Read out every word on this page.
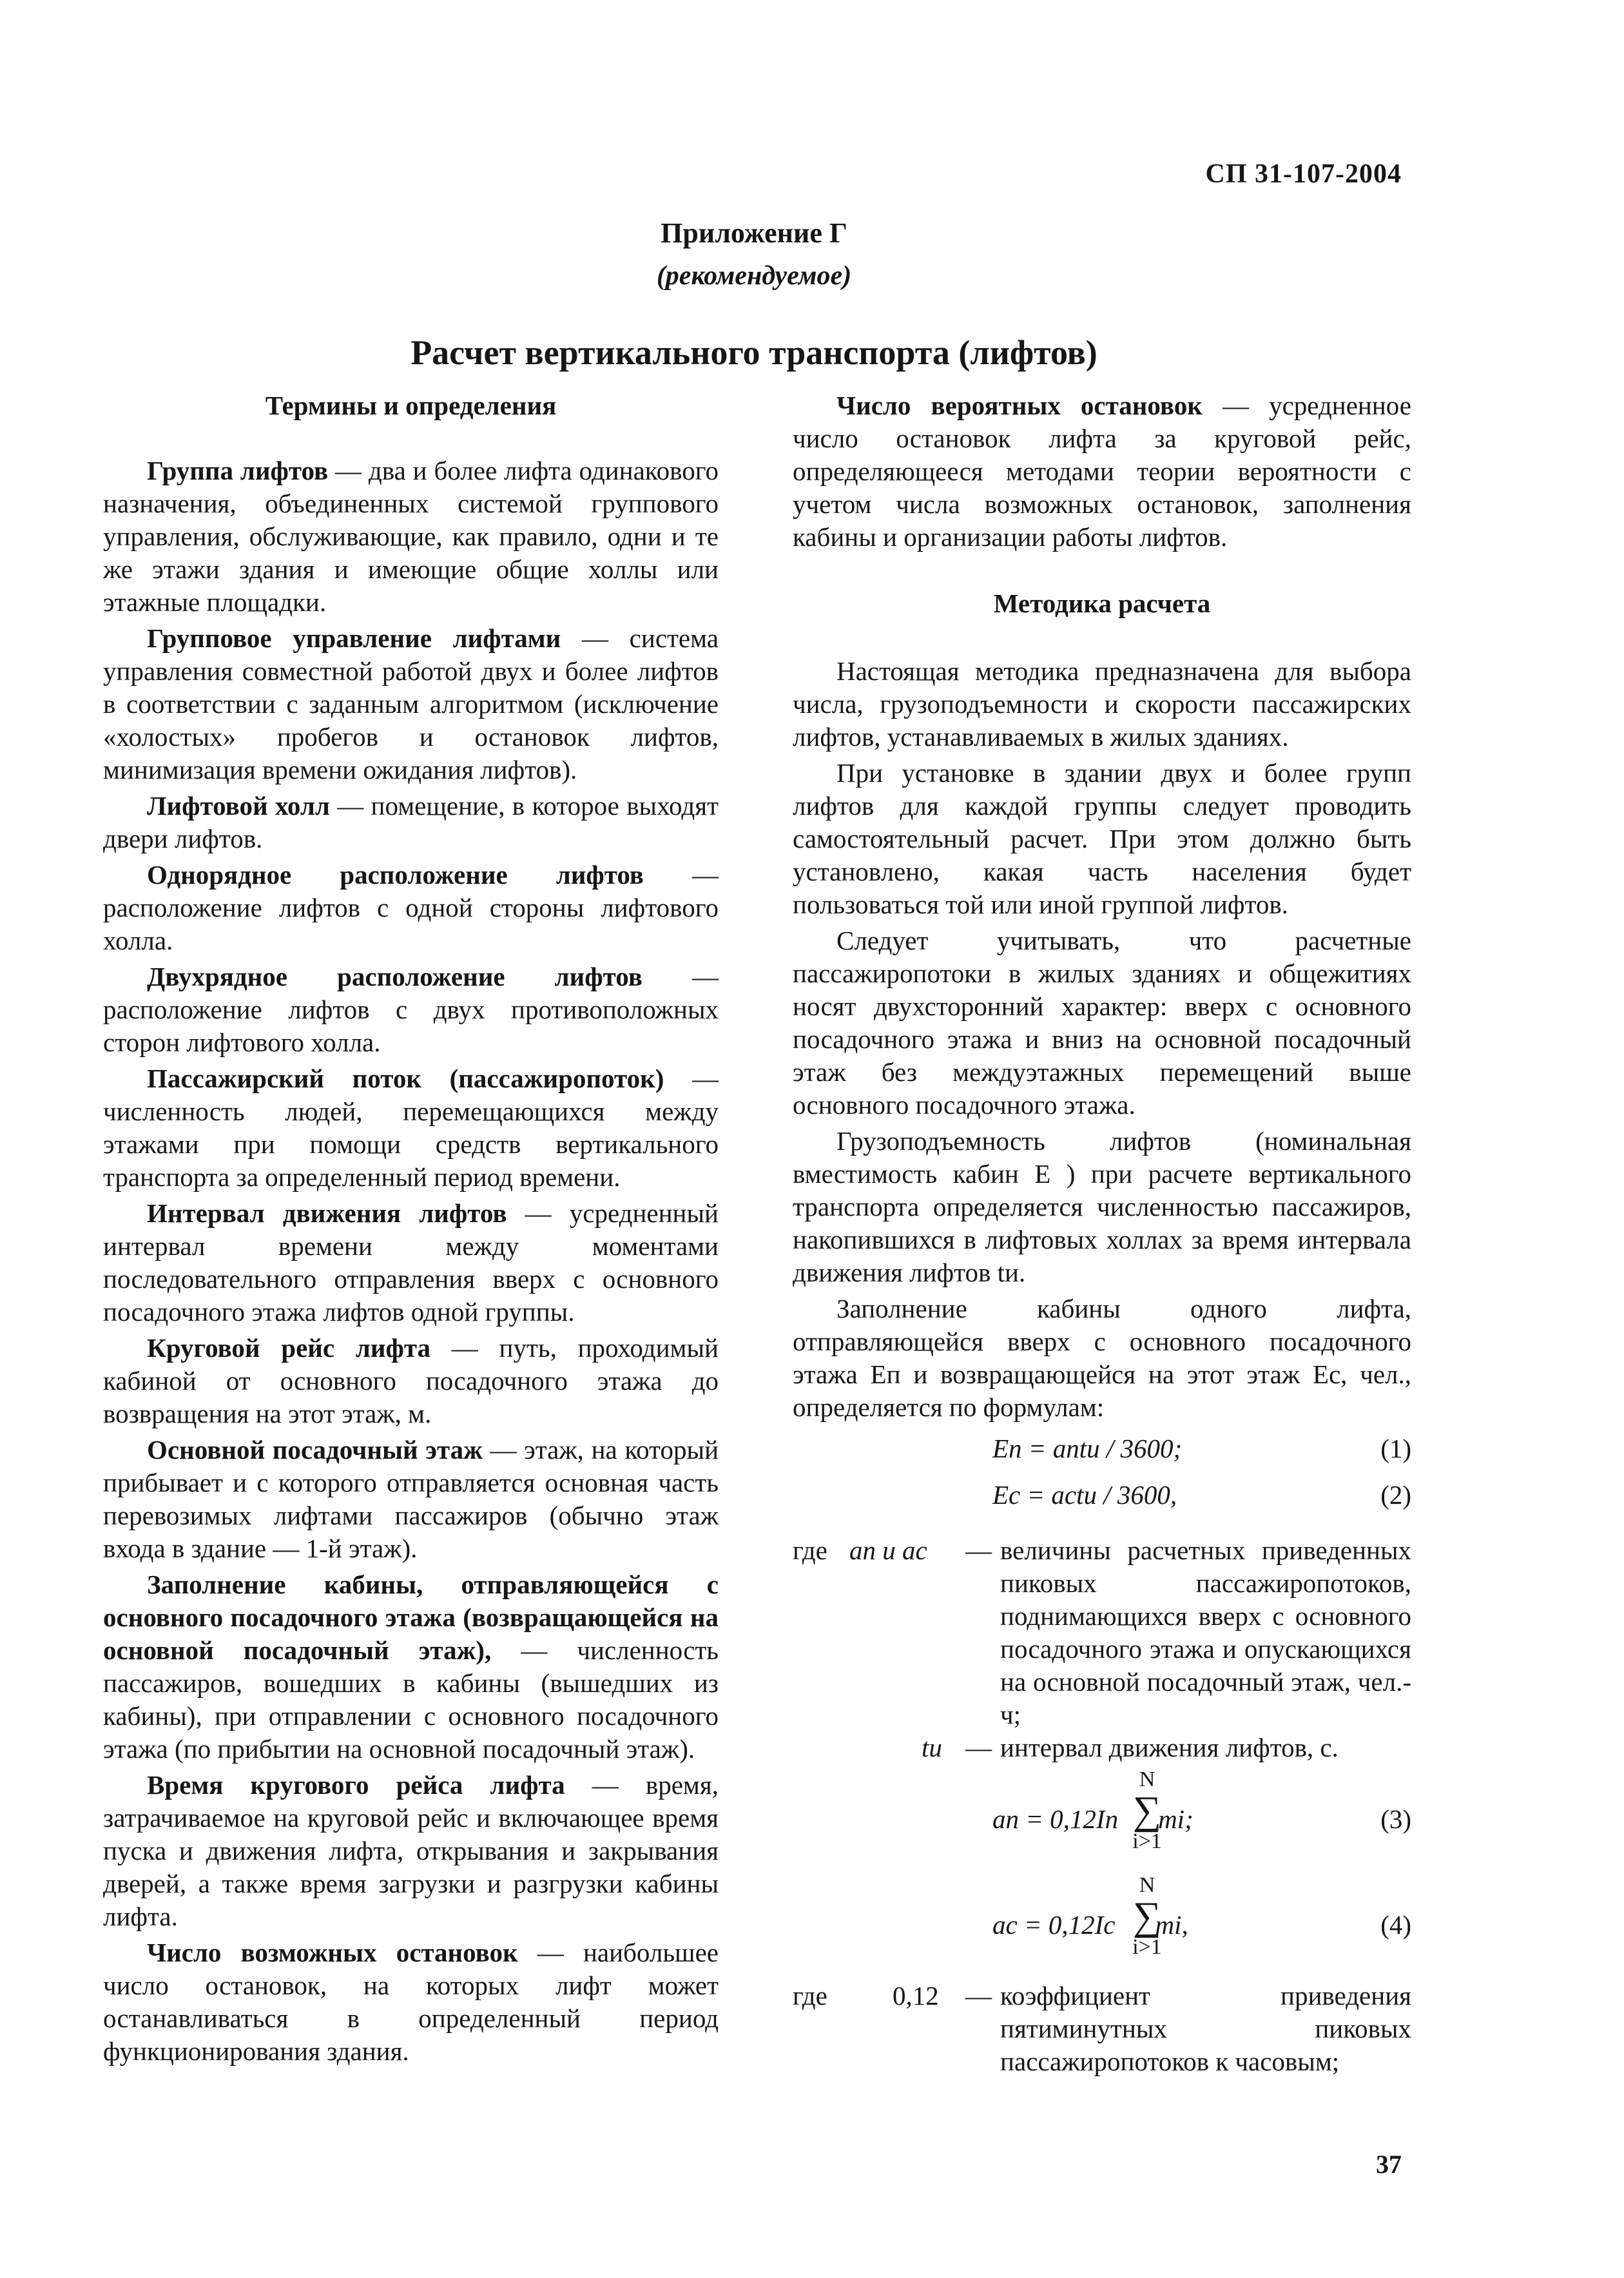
СП 31-107-2004
Приложение Г
(рекомендуемое)
Расчет вертикального транспорта (лифтов)
Термины и определения

Группа лифтов — два и более лифта одинакового назначения, объединенных системой группового управления, обслуживающие, как правило, одни и те же этажи здания и имеющие общие холлы или этажные площадки.

Групповое управление лифтами — система управления совместной работой двух и более лифтов в соответствии с заданным алгоритмом (исключение «холостых» пробегов и остановок лифтов, минимизация времени ожидания лифтов).

Лифтовой холл — помещение, в которое выходят двери лифтов.

Однорядное расположение лифтов — расположение лифтов с одной стороны лифтового холла.

Двухрядное расположение лифтов — расположение лифтов с двух противоположных сторон лифтового холла.

Пассажирский поток (пассажиропоток) — численность людей, перемещающихся между этажами при помощи средств вертикального транспорта за определенный период времени.

Интервал движения лифтов — усредненный интервал времени между моментами последовательного отправления вверх с основного посадочного этажа лифтов одной группы.

Круговой рейс лифта — путь, проходимый кабиной от основного посадочного этажа до возвращения на этот этаж, м.

Основной посадочный этаж — этаж, на который прибывает и с которого отправляется основная часть перевозимых лифтами пассажиров (обычно этаж входа в здание — 1-й этаж).

Заполнение кабины, отправляющейся с основного посадочного этажа (возвращающейся на основной посадочный этаж), — численность пассажиров, вошедших в кабины (вышедших из кабины), при отправлении с основного посадочного этажа (по прибытии на основной посадочный этаж).

Время кругового рейса лифта — время, затрачиваемое на круговой рейс и включающее время пуска и движения лифта, открывания и закрывания дверей, а также время загрузки и разгрузки кабины лифта.

Число возможных остановок — наибольшее число остановок, на которых лифт может останавливаться в определенный период функционирования здания.

Число вероятных остановок — усредненное число остановок лифта за круговой рейс, определяющееся методами теории вероятности с учетом числа возможных остановок, заполнения кабины и организации работы лифтов.

Методика расчета

Настоящая методика предназначена для выбора числа, грузоподъемности и скорости пассажирских лифтов, устанавливаемых в жилых зданиях.

При установке в здании двух и более групп лифтов для каждой группы следует проводить самостоятельный расчет. При этом должно быть установлено, какая часть населения будет пользоваться той или иной группой лифтов.

Следует учитывать, что расчетные пассажиропотоки в жилых зданиях и общежитиях носят двухсторонний характер: вверх с основного посадочного этажа и вниз на основной посадочный этаж без междуэтажных перемещений выше основного посадочного этажа.

Грузоподъемность лифтов (номинальная вместимость кабин E ) при расчете вертикального транспорта определяется численностью пассажиров, накопившихся в лифтовых холлах за время интервала движения лифтов tи.

Заполнение кабины одного лифта, отправляющейся вверх с основного посадочного этажа Eп и возвращающейся на этот этаж Eс, чел., определяется по формулам:

Eп = aпtи / 3600;	(1)
Eс = aсtи / 3600,	(2)
где aп и aс — величины расчетных приведенных пиковых пассажиропотоков, поднимающихся вверх с основного посадочного этажа и опускающихся на основной посадочный этаж, чел.-ч;
tи — интервал движения лифтов, с.
aп = 0,12Iп mi;
N
∑
i>1
(3)
aс = 0,12Iс mi,
N
∑
i>1
(4)
где 0,12 — коэффициент приведения пятиминутных пиковых пассажиропотоков к часовым;
37
